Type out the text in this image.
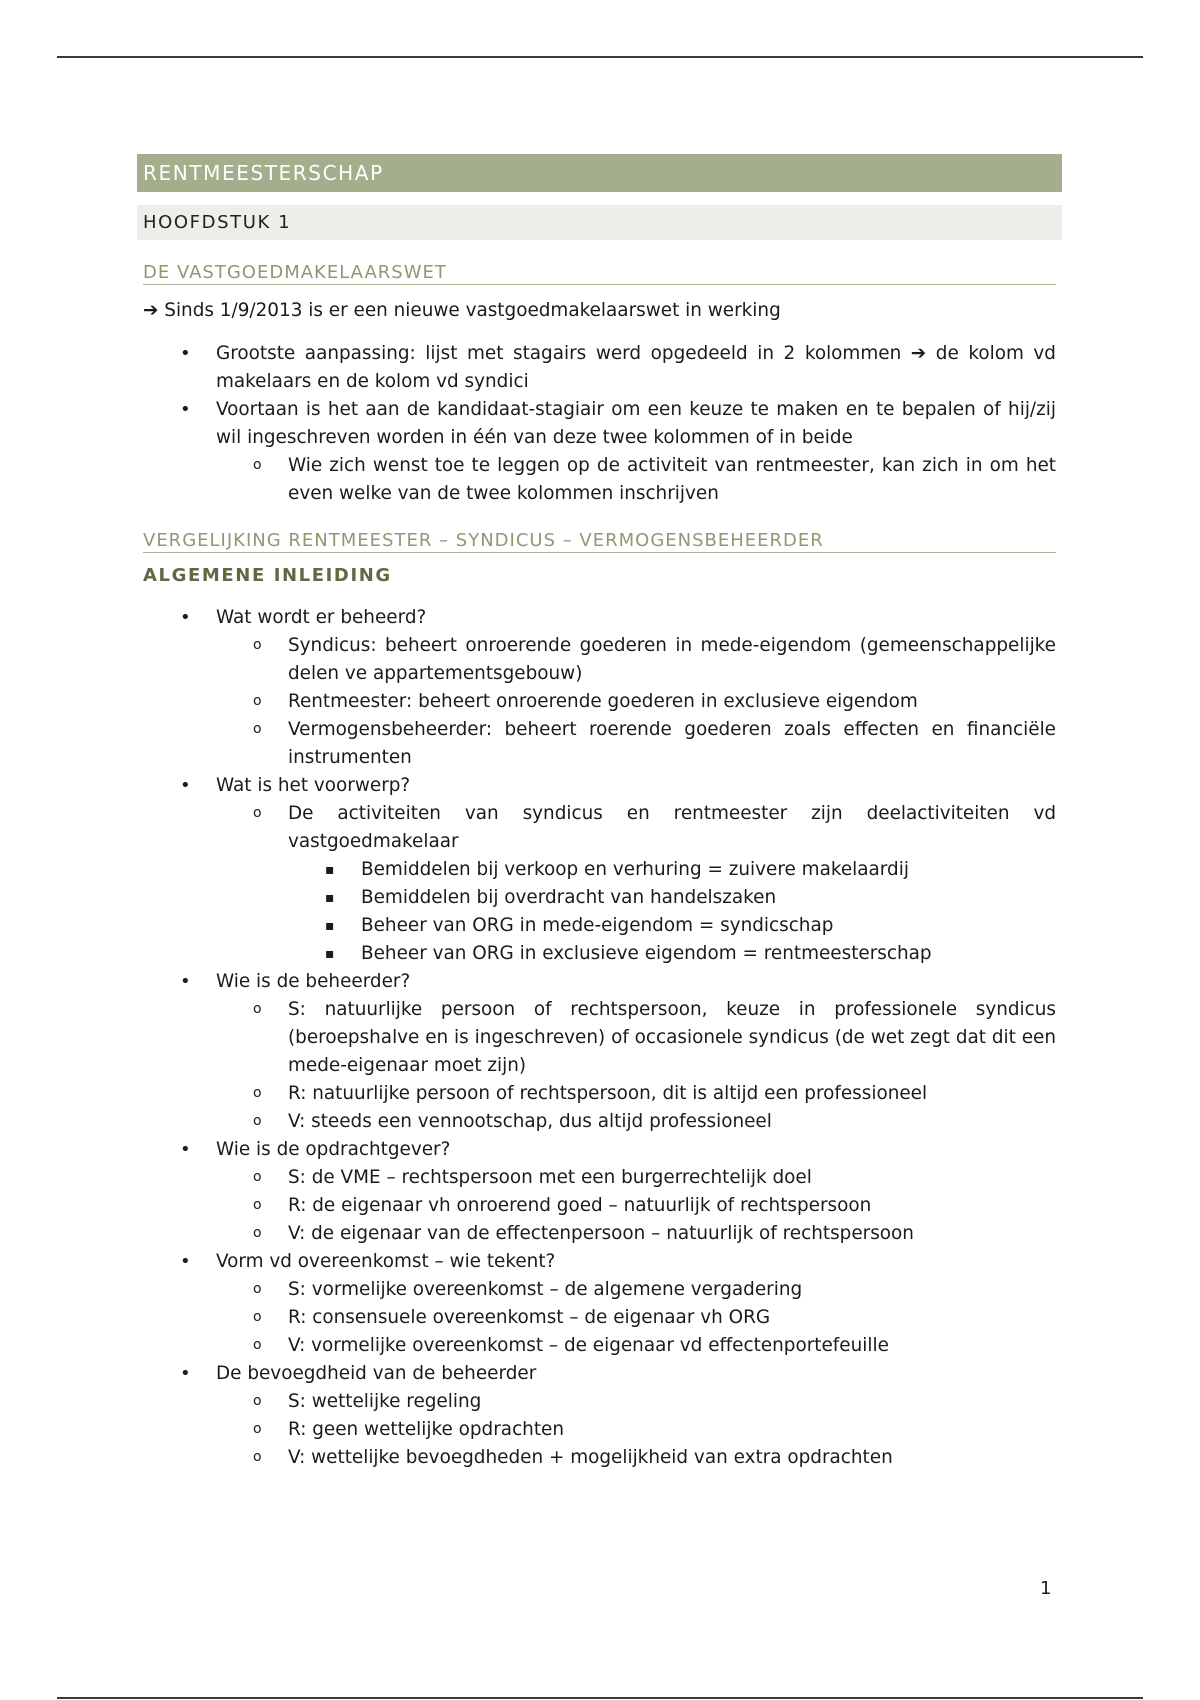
RENTMEESTERSCHAP
HOOFDSTUK 1
DE VASTGOEDMAKELAARSWET
➔ Sinds 1/9/2013 is er een nieuwe vastgoedmakelaarswet in werking
• Grootste aanpassing: lijst met stagairs werd opgedeeld in 2 kolommen ➔ de kolom vd makelaars en de kolom vd syndici
• Voortaan is het aan de kandidaat-stagiair om een keuze te maken en te bepalen of hij/zij wil ingeschreven worden in één van deze twee kolommen of in beide
o Wie zich wenst toe te leggen op de activiteit van rentmeester, kan zich in om het even welke van de twee kolommen inschrijven
VERGELIJKING RENTMEESTER – SYNDICUS – VERMOGENSBEHEERDER
ALGEMENE INLEIDING
• Wat wordt er beheerd?
o Syndicus: beheert onroerende goederen in mede-eigendom (gemeenschappelijke delen ve appartementsgebouw)
o Rentmeester: beheert onroerende goederen in exclusieve eigendom
o Vermogensbeheerder: beheert roerende goederen zoals effecten en financiële instrumenten
• Wat is het voorwerp?
o De activiteiten van syndicus en rentmeester zijn deelactiviteiten vd vastgoedmakelaar
▪ Bemiddelen bij verkoop en verhuring = zuivere makelaardij
▪ Bemiddelen bij overdracht van handelszaken
▪ Beheer van ORG in mede-eigendom = syndicschap
▪ Beheer van ORG in exclusieve eigendom = rentmeesterschap
• Wie is de beheerder?
o S: natuurlijke persoon of rechtspersoon, keuze in professionele syndicus (beroepshalve en is ingeschreven) of occasionele syndicus (de wet zegt dat dit een mede-eigenaar moet zijn)
o R: natuurlijke persoon of rechtspersoon, dit is altijd een professioneel
o V: steeds een vennootschap, dus altijd professioneel
• Wie is de opdrachtgever?
o S: de VME – rechtspersoon met een burgerrechtelijk doel
o R: de eigenaar vh onroerend goed – natuurlijk of rechtspersoon
o V: de eigenaar van de effectenpersoon – natuurlijk of rechtspersoon
• Vorm vd overeenkomst – wie tekent?
o S: vormelijke overeenkomst – de algemene vergadering
o R: consensuele overeenkomst – de eigenaar vh ORG
o V: vormelijke overeenkomst – de eigenaar vd effectenportefeuille
• De bevoegdheid van de beheerder
o S: wettelijke regeling
o R: geen wettelijke opdrachten
o V: wettelijke bevoegdheden + mogelijkheid van extra opdrachten
1
